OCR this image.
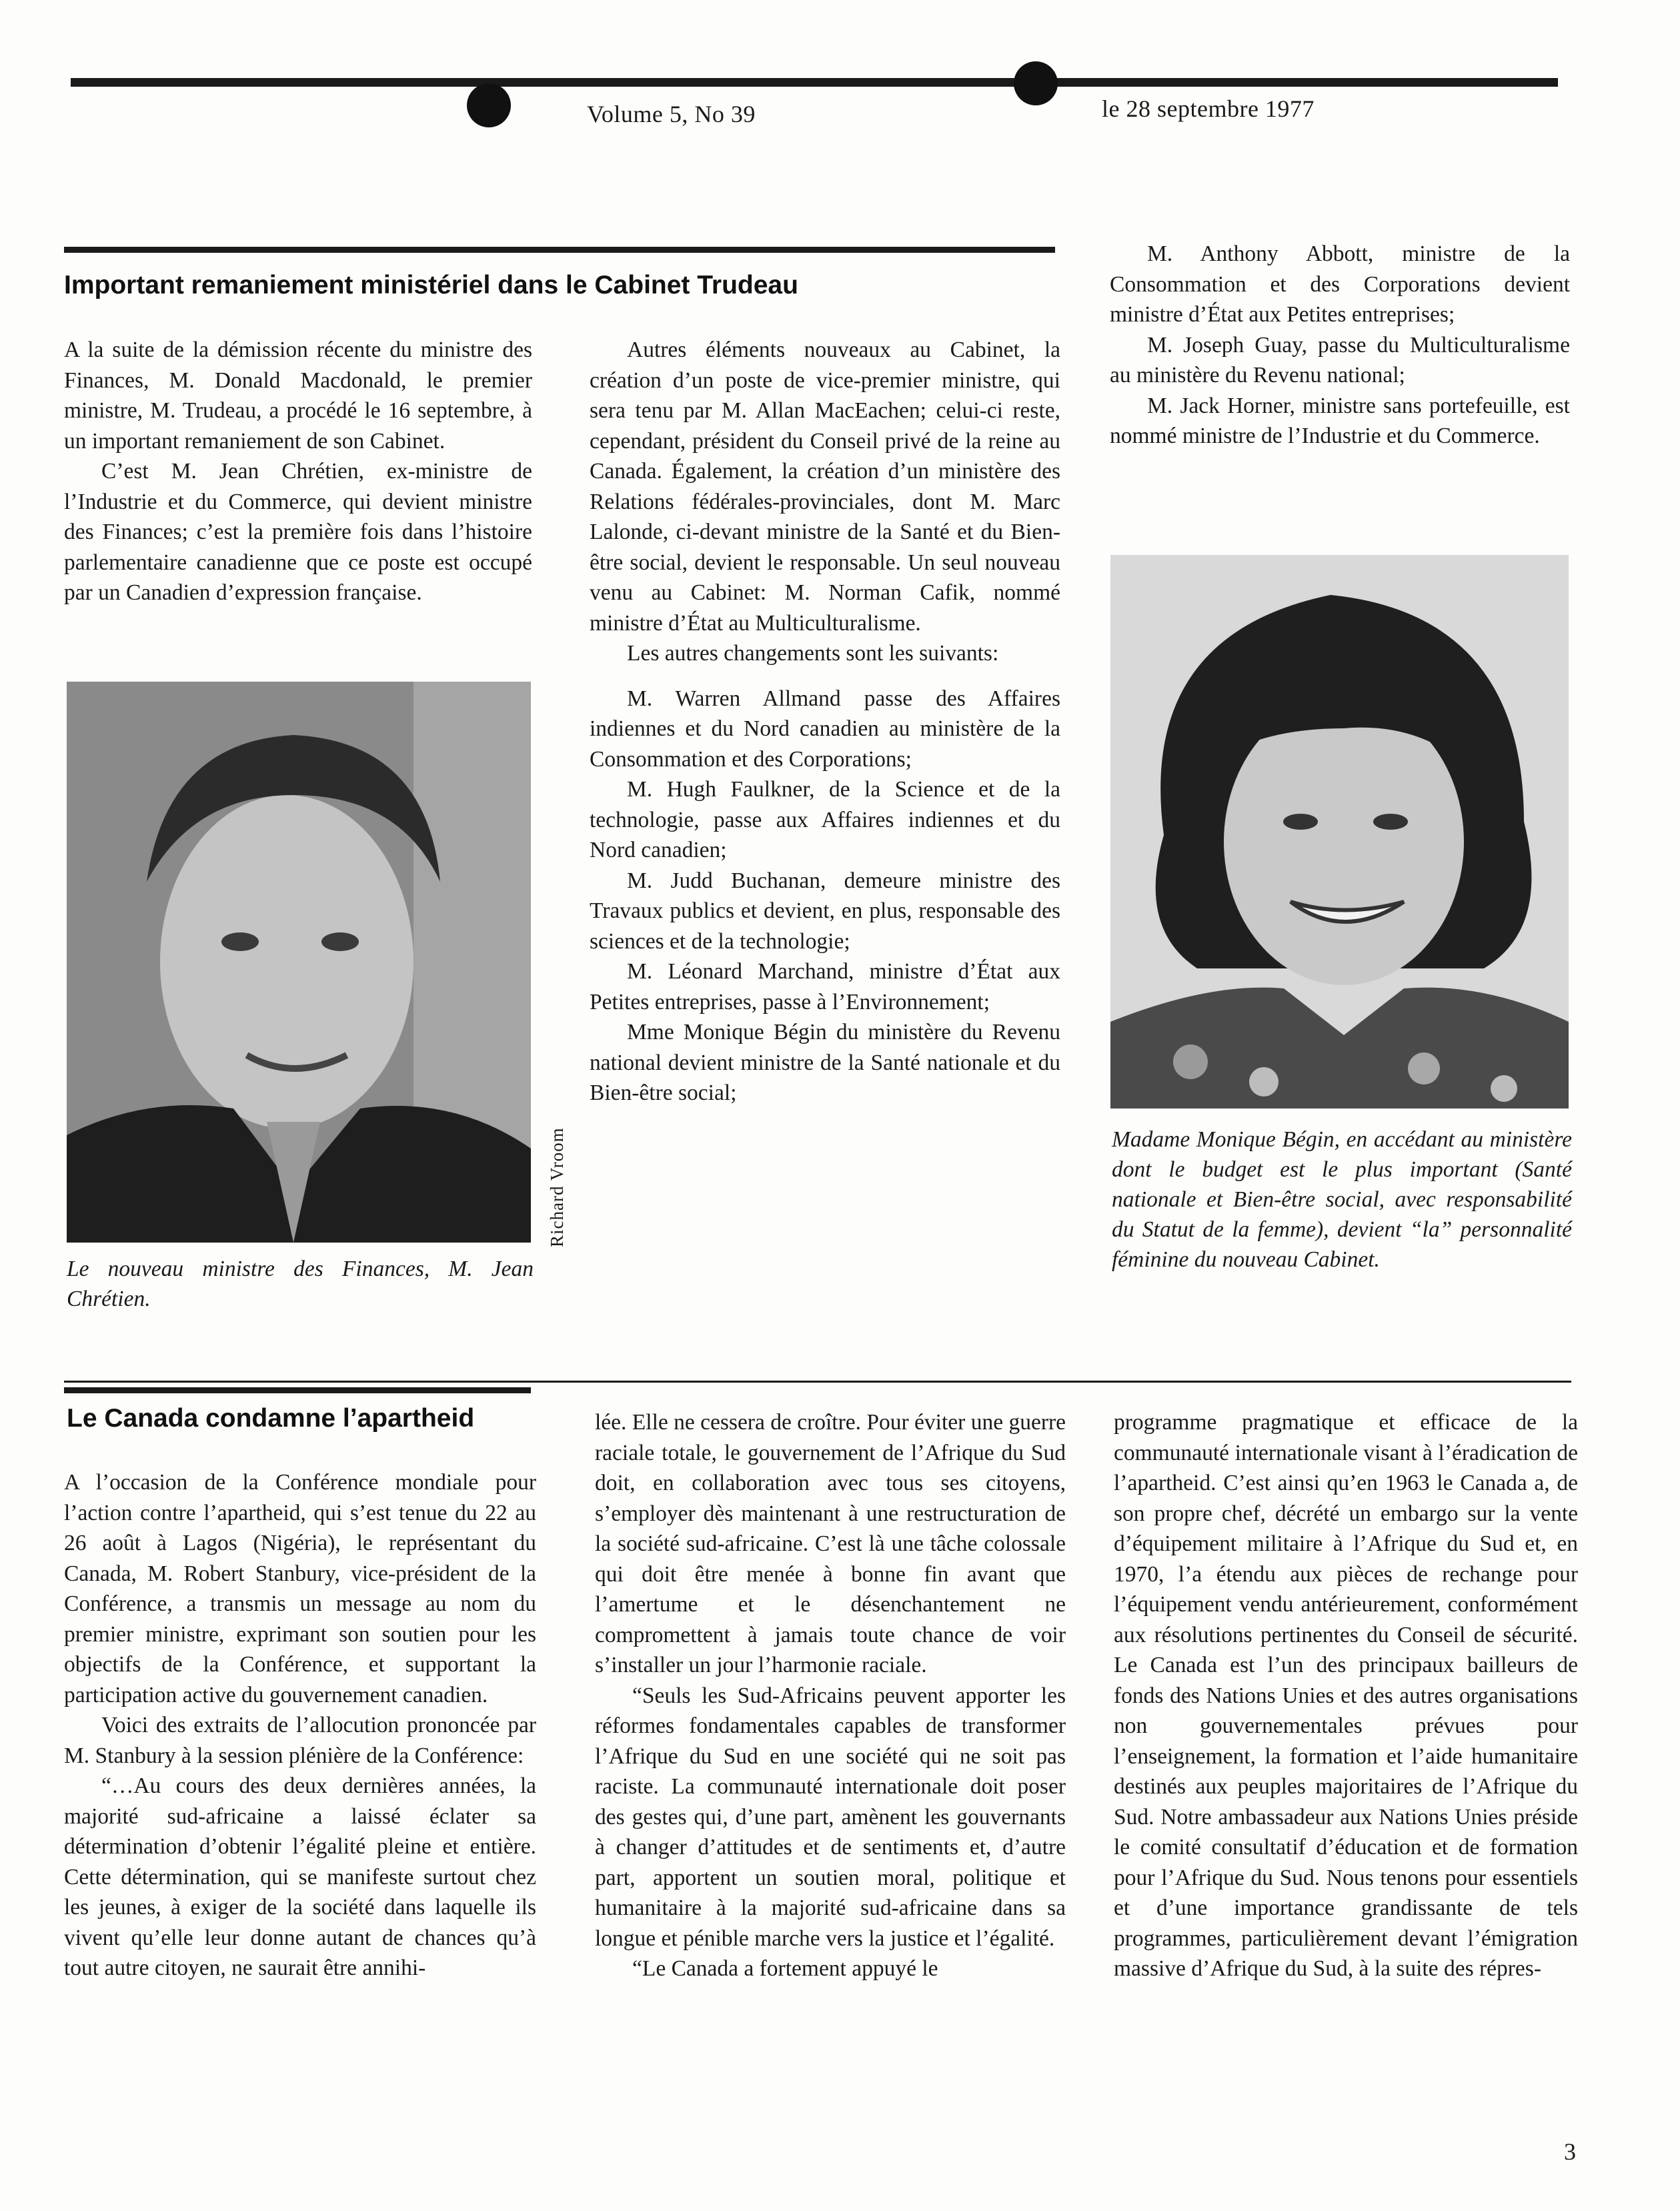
Volume 5, No 39	le 28 septembre 1977
Important remaniement ministériel dans le Cabinet Trudeau

A la suite de la démission récente du ministre des Finances, M. Donald Macdonald, le premier ministre, M. Trudeau, a procédé le 16 septembre, à un important remaniement de son Cabinet.

C’est M. Jean Chrétien, ex-ministre de l’Industrie et du Commerce, qui devient ministre des Finances; c’est la première fois dans l’histoire parlementaire canadienne que ce poste est occupé par un Canadien d’expression française.

Richard Vroom
Le nouveau ministre des Finances, M. Jean Chrétien.

Autres éléments nouveaux au Cabinet, la création d’un poste de vice-premier ministre, qui sera tenu par M. Allan MacEachen; celui-ci reste, cependant, président du Conseil privé de la reine au Canada. Également, la création d’un ministère des Relations fédérales-provinciales, dont M. Marc Lalonde, ci-devant ministre de la Santé et du Bien-être social, devient le responsable. Un seul nouveau venu au Cabinet: M. Norman Cafik, nommé ministre d’État au Multiculturalisme.

Les autres changements sont les suivants:

M. Warren Allmand passe des Affaires indiennes et du Nord canadien au ministère de la Consommation et des Corporations;

M. Hugh Faulkner, de la Science et de la technologie, passe aux Affaires indiennes et du Nord canadien;

M. Judd Buchanan, demeure ministre des Travaux publics et devient, en plus, responsable des sciences et de la technologie;

M. Léonard Marchand, ministre d’État aux Petites entreprises, passe à l’Environnement;

Mme Monique Bégin du ministère du Revenu national devient ministre de la Santé nationale et du Bien-être social;

M. Anthony Abbott, ministre de la Consommation et des Corporations devient ministre d’État aux Petites entreprises;

M. Joseph Guay, passe du Multiculturalisme au ministère du Revenu national;

M. Jack Horner, ministre sans portefeuille, est nommé ministre de l’Industrie et du Commerce.

Madame Monique Bégin, en accédant au ministère dont le budget est le plus important (Santé nationale et Bien-être social, avec responsabilité du Statut de la femme), devient “la” personnalité féminine du nouveau Cabinet.
Le Canada condamne l’apartheid

A l’occasion de la Conférence mondiale pour l’action contre l’apartheid, qui s’est tenue du 22 au 26 août à Lagos (Nigéria), le représentant du Canada, M. Robert Stanbury, vice-président de la Conférence, a transmis un message au nom du premier ministre, exprimant son soutien pour les objectifs de la Conférence, et supportant la participation active du gouvernement canadien.

Voici des extraits de l’allocution prononcée par M. Stanbury à la session plénière de la Conférence:

“…Au cours des deux dernières années, la majorité sud-africaine a laissé éclater sa détermination d’obtenir l’égalité pleine et entière. Cette détermination, qui se manifeste surtout chez les jeunes, à exiger de la société dans laquelle ils vivent qu’elle leur donne autant de chances qu’à tout autre citoyen, ne saurait être annihi-

lée. Elle ne cessera de croître. Pour éviter une guerre raciale totale, le gouvernement de l’Afrique du Sud doit, en collaboration avec tous ses citoyens, s’employer dès maintenant à une restructuration de la société sud-africaine. C’est là une tâche colossale qui doit être menée à bonne fin avant que l’amertume et le désenchantement ne compromettent à jamais toute chance de voir s’installer un jour l’harmonie raciale.

“Seuls les Sud-Africains peuvent apporter les réformes fondamentales capables de transformer l’Afrique du Sud en une société qui ne soit pas raciste. La communauté internationale doit poser des gestes qui, d’une part, amènent les gouvernants à changer d’attitudes et de sentiments et, d’autre part, apportent un soutien moral, politique et humanitaire à la majorité sud-africaine dans sa longue et pénible marche vers la justice et l’égalité.

“Le Canada a fortement appuyé le

programme pragmatique et efficace de la communauté internationale visant à l’éradication de l’apartheid. C’est ainsi qu’en 1963 le Canada a, de son propre chef, décrété un embargo sur la vente d’équipement militaire à l’Afrique du Sud et, en 1970, l’a étendu aux pièces de rechange pour l’équipement vendu antérieurement, conformément aux résolutions pertinentes du Conseil de sécurité. Le Canada est l’un des principaux bailleurs de fonds des Nations Unies et des autres organisations non gouvernementales prévues pour l’enseignement, la formation et l’aide humanitaire destinés aux peuples majoritaires de l’Afrique du Sud. Notre ambassadeur aux Nations Unies préside le comité consultatif d’éducation et de formation pour l’Afrique du Sud. Nous tenons pour essentiels et d’une importance grandissante de tels programmes, particulièrement devant l’émigration massive d’Afrique du Sud, à la suite des répres-

3
